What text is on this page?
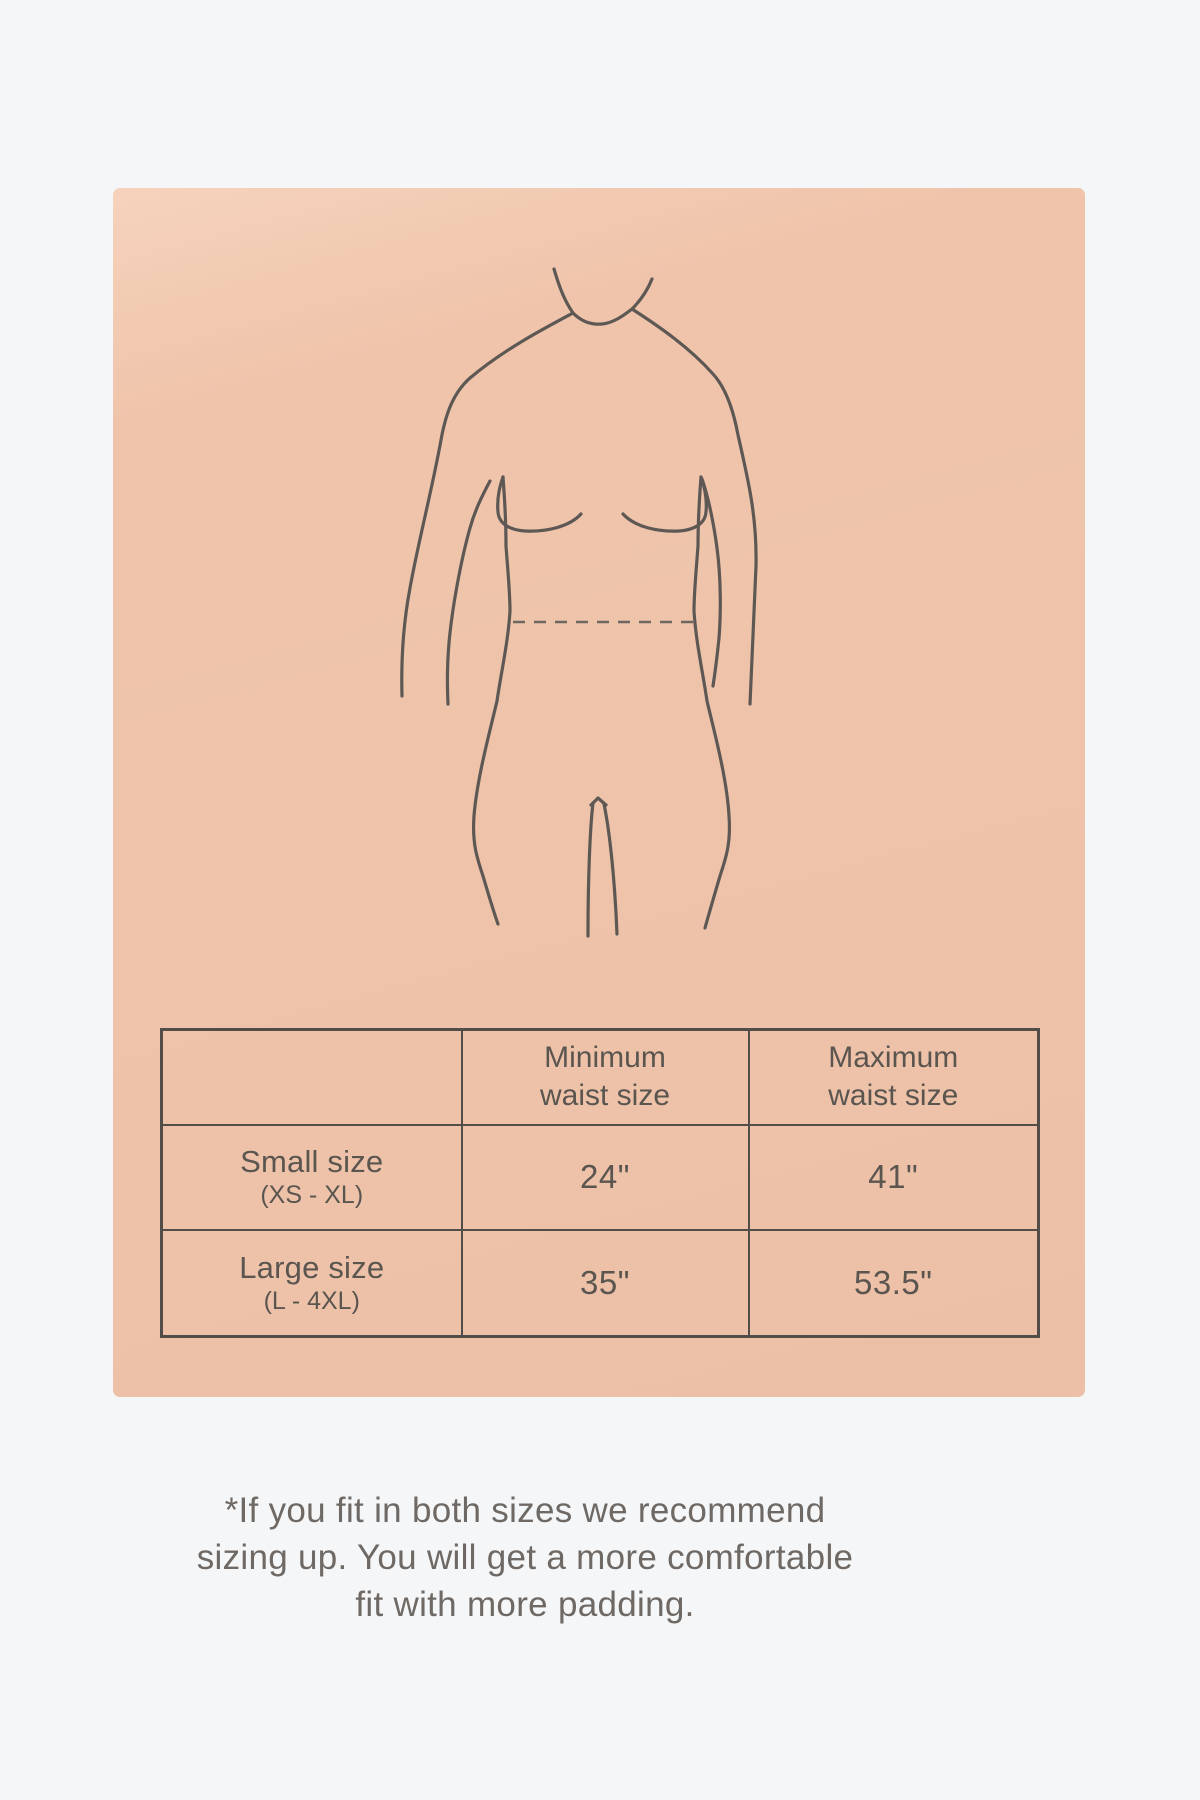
	Minimum waist size	Maximum waist size

Small size
(XS - XL)	24"	41"

Large size
(L - 4XL)	35"	53.5"

*If you fit in both sizes we recommend
sizing up. You will get a more comfortable
fit with more padding.
